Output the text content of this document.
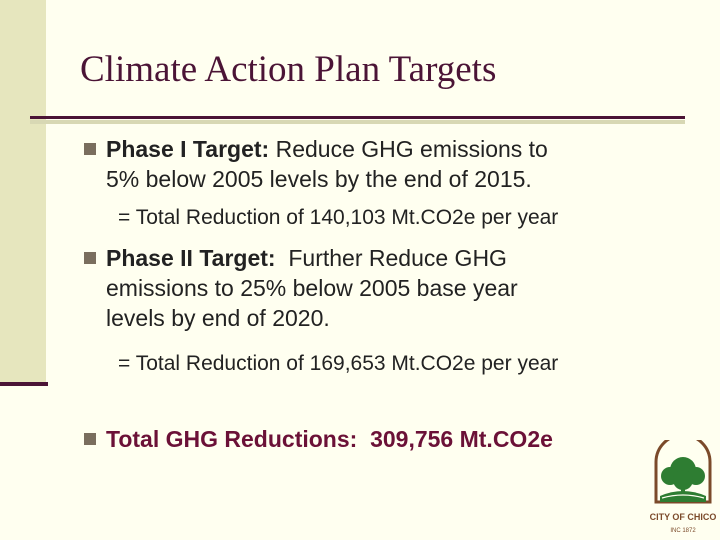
Climate Action Plan Targets
Phase I Target: Reduce GHG emissions to
5% below 2005 levels by the end of 2015.
= Total Reduction of 140,103 Mt.CO2e per year
Phase II Target: Further Reduce GHG
emissions to 25% below 2005 base year
levels by end of 2020.
= Total Reduction of 169,653 Mt.CO2e per year
Total GHG Reductions: 309,756 Mt.CO2e
CITY OF CHICO
INC 1872
